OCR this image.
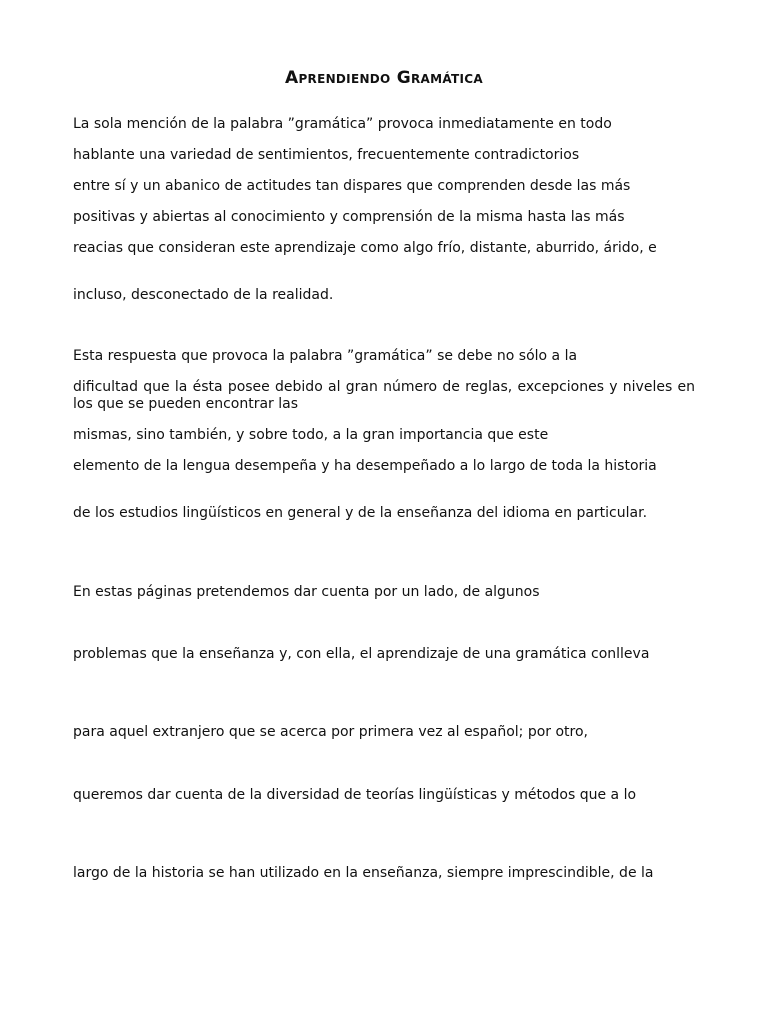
Aprendiendo Gramática
La sola mención de la palabra ”gramática” provoca inmediatamente en todo
hablante una variedad de sentimientos, frecuentemente contradictorios
entre sí y un abanico de actitudes tan dispares que comprenden desde las más
positivas y abiertas al conocimiento y comprensión de la misma hasta las más
reacias que consideran este aprendizaje como algo frío, distante, aburrido, árido, e
incluso, desconectado de la realidad.
Esta respuesta que provoca la palabra ”gramática” se debe no sólo a la
dificultad que la ésta posee debido al gran número de reglas, excepciones y niveles en los que se pueden encontrar las
mismas, sino también, y sobre todo, a la gran importancia que este
elemento de la lengua desempeña y ha desempeñado a lo largo de toda la historia
de los estudios lingüísticos en general y de la enseñanza del idioma en particular.
En estas páginas pretendemos dar cuenta por un lado, de algunos
problemas que la enseñanza y, con ella, el aprendizaje de una gramática conlleva
para aquel extranjero que se acerca por primera vez al español; por otro,
queremos dar cuenta de la diversidad de teorías lingüísticas y métodos que a lo
largo de la historia se han utilizado en la enseñanza, siempre imprescindible, de la
